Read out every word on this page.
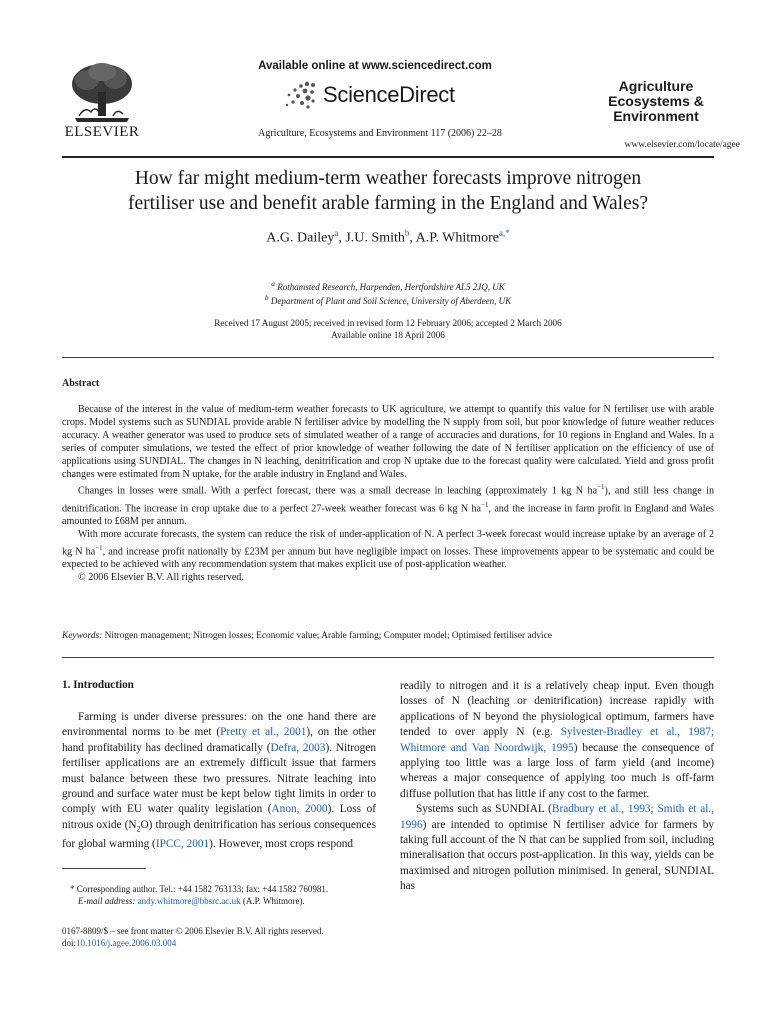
ELSEVIER
Available online at www.sciencedirect.com
ScienceDirect
Agriculture, Ecosystems and Environment 117 (2006) 22–28
Agriculture
Ecosystems &
Environment
www.elsevier.com/locate/agee
How far might medium-term weather forecasts improve nitrogen
fertiliser use and benefit arable farming in the England and Wales?
A.G. Dailey$^a$, J.U. Smith$^b$, A.P. Whitmore$^{a,*}$
$^a$ Rothamsted Research, Harpenden, Hertfordshire AL5 2JQ, UK
$^b$ Department of Plant and Soil Science, University of Aberdeen, UK
Received 17 August 2005; received in revised form 12 February 2006; accepted 2 March 2006
Available online 18 April 2006
Abstract

Because of the interest in the value of medium-term weather forecasts to UK agriculture, we attempt to quantify this value for N fertiliser use with arable crops. Model systems such as SUNDIAL provide arable N fertiliser advice by modelling the N supply from soil, but poor knowledge of future weather reduces accuracy. A weather generator was used to produce sets of simulated weather of a range of accuracies and durations, for 10 regions in England and Wales. In a series of computer simulations, we tested the effect of prior knowledge of weather following the date of N fertiliser application on the efficiency of use of applications using SUNDIAL. The changes in N leaching, denitrification and crop N uptake due to the forecast quality were calculated. Yield and gross profit changes were estimated from N uptake, for the arable industry in England and Wales.

Changes in losses were small. With a perfect forecast, there was a small decrease in leaching (approximately 1 kg N $ha^{-1}$), and still less change in denitrification. The increase in crop uptake due to a perfect 27-week weather forecast was 6 kg N $ha^{-1}$, and the increase in farm profit in England and Wales amounted to £68M per annum.

With more accurate forecasts, the system can reduce the risk of under-application of N. A perfect 3-week forecast would increase uptake by an average of 2 kg N $ha^{-1}$, and increase profit nationally by £23M per annum but have negligible impact on losses. These improvements appear to be systematic and could be expected to be achieved with any recommendation system that makes explicit use of post-application weather.

© 2006 Elsevier B.V. All rights reserved.

Keywords: Nitrogen management; Nitrogen losses; Economic value; Arable farming; Computer model; Optimised fertiliser advice
1. Introduction

Farming is under diverse pressures: on the one hand there are environmental norms to be met (Pretty et al., 2001), on the other hand profitability has declined dramatically (Defra, 2003). Nitrogen fertiliser applications are an extremely difficult issue that farmers must balance between these two pressures. Nitrate leaching into ground and surface water must be kept below tight limits in order to comply with EU water quality legislation (Anon, 2000). Loss of nitrous oxide $(N_2O)$ through denitrification has serious consequences for global warming (IPCC, 2001). However, most crops respond

readily to nitrogen and it is a relatively cheap input. Even though losses of N (leaching or denitrification) increase rapidly with applications of N beyond the physiological optimum, farmers have tended to over apply N (e.g. Sylvester-Bradley et al., 1987; Whitmore and Van Noordwijk, 1995) because the consequence of applying too little was a large loss of farm yield (and income) whereas a major consequence of applying too much is off-farm diffuse pollution that has little if any cost to the farmer.

Systems such as SUNDIAL (Bradbury et al., 1993; Smith et al., 1996) are intended to optimise N fertiliser advice for farmers by taking full account of the N that can be supplied from soil, including mineralisation that occurs post-application. In this way, yields can be maximised and nitrogen pollution minimised. In general, SUNDIAL has

* Corresponding author. Tel.: +44 1582 763133; fax: +44 1582 760981.
E-mail address: andy.whitmore@bbsrc.ac.uk (A.P. Whitmore).
0167-8809/$ – see front matter © 2006 Elsevier B.V. All rights reserved.
doi:10.1016/j.agee.2006.03.004
